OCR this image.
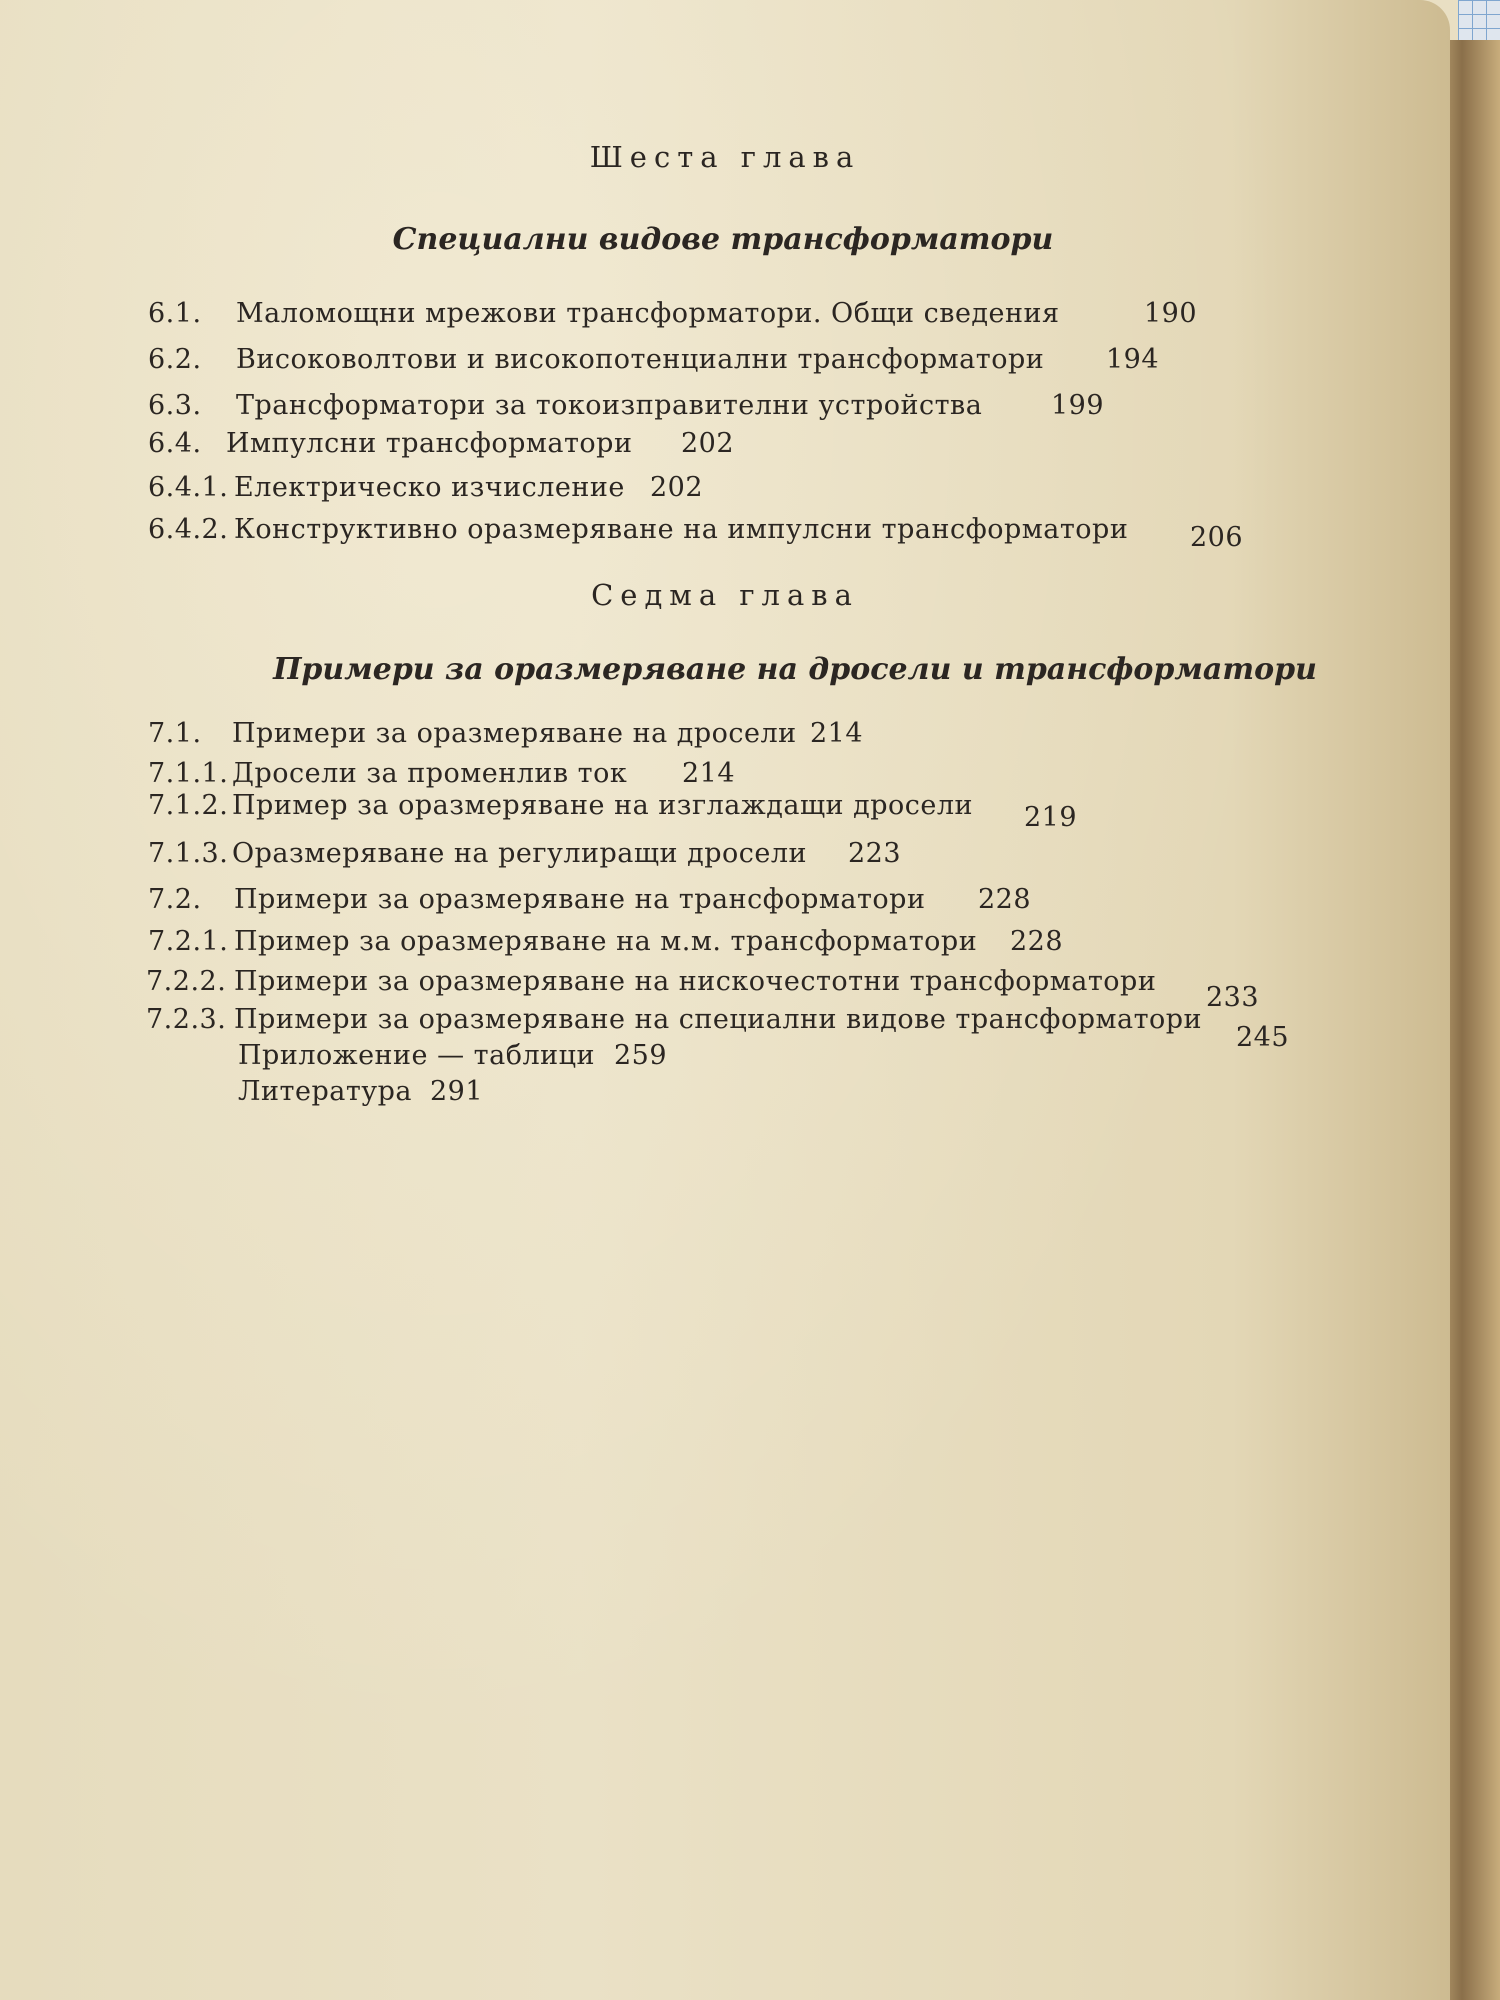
Шеста глава
Специални видове трансформатори
6.1. Маломощни мрежови трансформатори. Общи сведения	190
6.2. Високоволтови и високопотенциални трансформатори 194
6.3. Трансформатори за токоизправителни устройства	199
6.4. Импулсни трансформатори 202
6.4.1. Електрическо изчисление 202
6.4.2. Конструктивно оразмеряване на импулсни трансформатори 206
Седма глава
Примери за оразмеряване на дросели и трансформатори
7.1. Примери за оразмеряване на дросели 214
7.1.1. Дросели за променлив ток 214
7.1.2. Пример за оразмеряване на изглаждащи дросели 219
7.1.3. Оразмеряване на регулиращи дросели 223
7.2. Примери за оразмеряване на трансформатори 228
7.2.1. Пример за оразмеряване на м.м. трансформатори 228
7.2.2. Примери за оразмеряване на нискочестотни трансформатори
233
7.2.3. Примери за оразмеряване на специални видове трансформатори
245
Приложение — таблици 259
Литература 291
